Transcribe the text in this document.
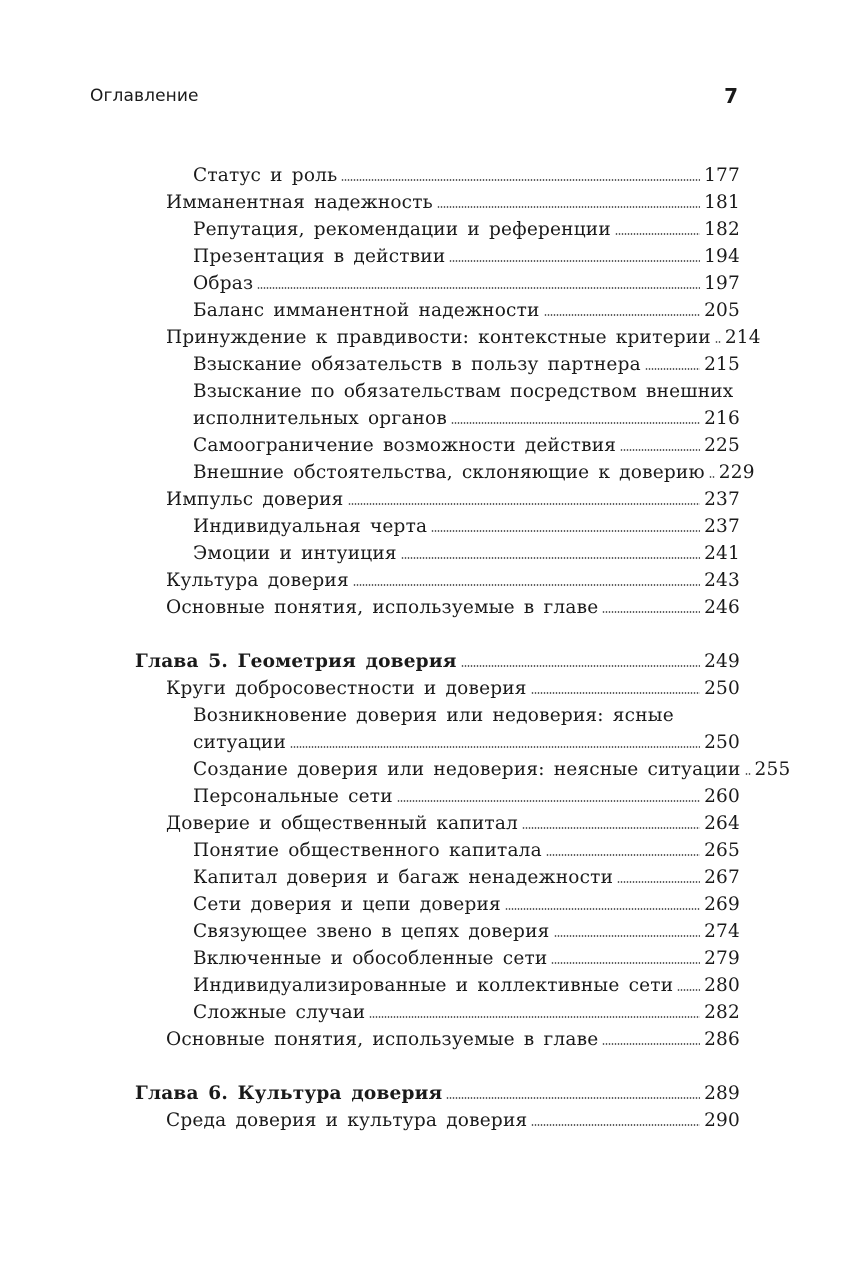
Оглавление	7
Статус и роль	177
Имманентная надежность	181
Репутация, рекомендации и референции	182
Презентация в действии	194
Образ	197
Баланс имманентной надежности	205
Принуждение к правдивости: контекстные критерии 214
Взыскание обязательств в пользу партнера	215
Взыскание по обязательствам посредством внешних
исполнительных органов	216
Самоограничение возможности действия	225
Внешние обстоятельства, склоняющие к доверию 229
Импульс доверия	237
Индивидуальная черта	237
Эмоции и интуиция	241
Культура доверия	243
Основные понятия, используемые в главе	246
Глава 5. Геометрия доверия	249
Круги добросовестности и доверия	250
Возникновение доверия или недоверия: ясные
ситуации	250
Создание доверия или недоверия: неясные ситуации 255
Персональные сети	260
Доверие и общественный капитал	264
Понятие общественного капитала	265
Капитал доверия и багаж ненадежности	267
Сети доверия и цепи доверия	269
Связующее звено в цепях доверия	274
Включенные и обособленные сети	279
Индивидуализированные и коллективные сети 280
Сложные случаи	282
Основные понятия, используемые в главе	286
Глава 6. Культура доверия	289
Среда доверия и культура доверия	290
